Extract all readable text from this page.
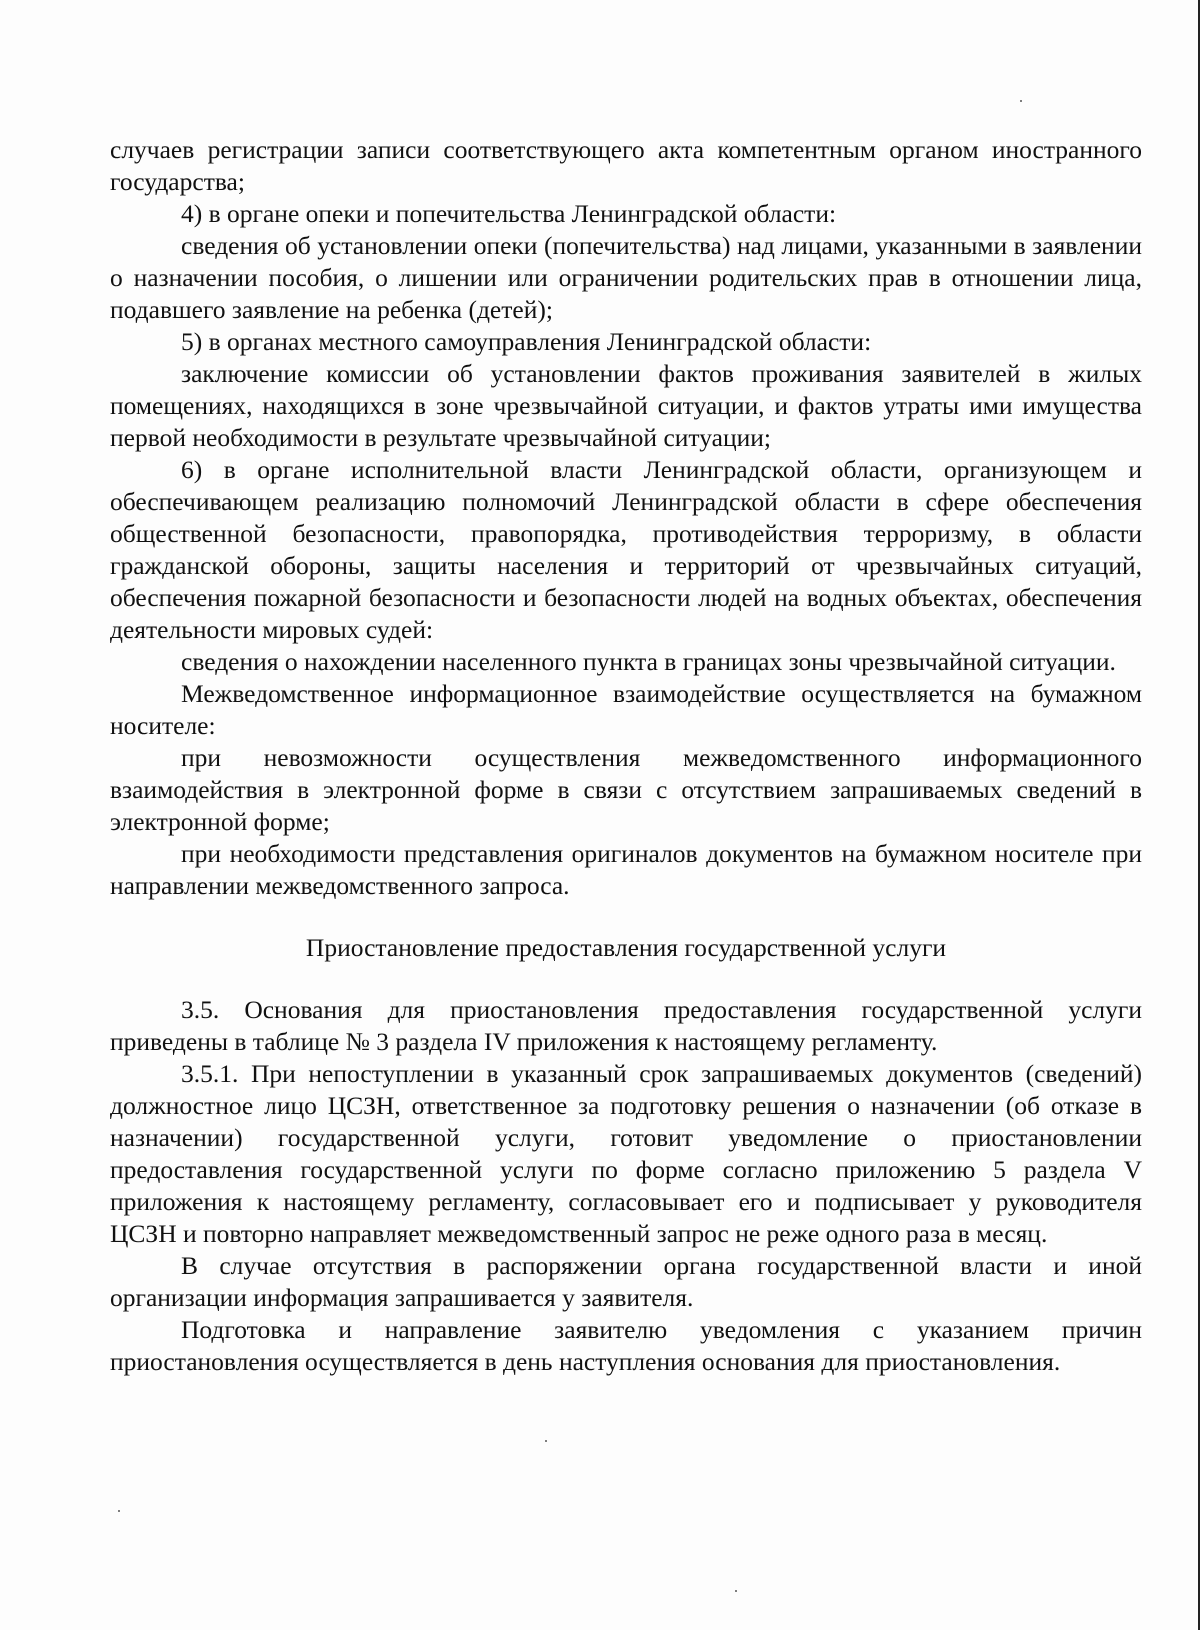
случаев регистрации записи соответствующего акта компетентным органом иностранного государства;

4) в органе опеки и попечительства Ленинградской области:

сведения об установлении опеки (попечительства) над лицами, указанными в заявлении о назначении пособия, о лишении или ограничении родительских прав в отношении лица, подавшего заявление на ребенка (детей);

5) в органах местного самоуправления Ленинградской области:

заключение комиссии об установлении фактов проживания заявителей в жилых помещениях, находящихся в зоне чрезвычайной ситуации, и фактов утраты ими имущества первой необходимости в результате чрезвычайной ситуации;

6) в органе исполнительной власти Ленинградской области, организующем и обеспечивающем реализацию полномочий Ленинградской области в сфере обеспечения общественной безопасности, правопорядка, противодействия терроризму, в области гражданской обороны, защиты населения и территорий от чрезвычайных ситуаций, обеспечения пожарной безопасности и безопасности людей на водных объектах, обеспечения деятельности мировых судей:

сведения о нахождении населенного пункта в границах зоны чрезвычайной ситуации.

Межведомственное информационное взаимодействие осуществляется на бумажном носителе:

при невозможности осуществления межведомственного информационного взаимодействия в электронной форме в связи с отсутствием запрашиваемых сведений в электронной форме;

при необходимости представления оригиналов документов на бумажном носителе при направлении межведомственного запроса.

Приостановление предоставления государственной услуги

3.5. Основания для приостановления предоставления государственной услуги приведены в таблице № 3 раздела IV приложения к настоящему регламенту.

3.5.1. При непоступлении в указанный срок запрашиваемых документов (сведений) должностное лицо ЦСЗН, ответственное за подготовку решения о назначении (об отказе в назначении) государственной услуги, готовит уведомление о приостановлении предоставления государственной услуги по форме согласно приложению 5 раздела V приложения к настоящему регламенту, согласовывает его и подписывает у руководителя ЦСЗН и повторно направляет межведомственный запрос не реже одного раза в месяц.

В случае отсутствия в распоряжении органа государственной власти и иной организации информация запрашивается у заявителя.

Подготовка и направление заявителю уведомления с указанием причин приостановления осуществляется в день наступления основания для приостановления.
